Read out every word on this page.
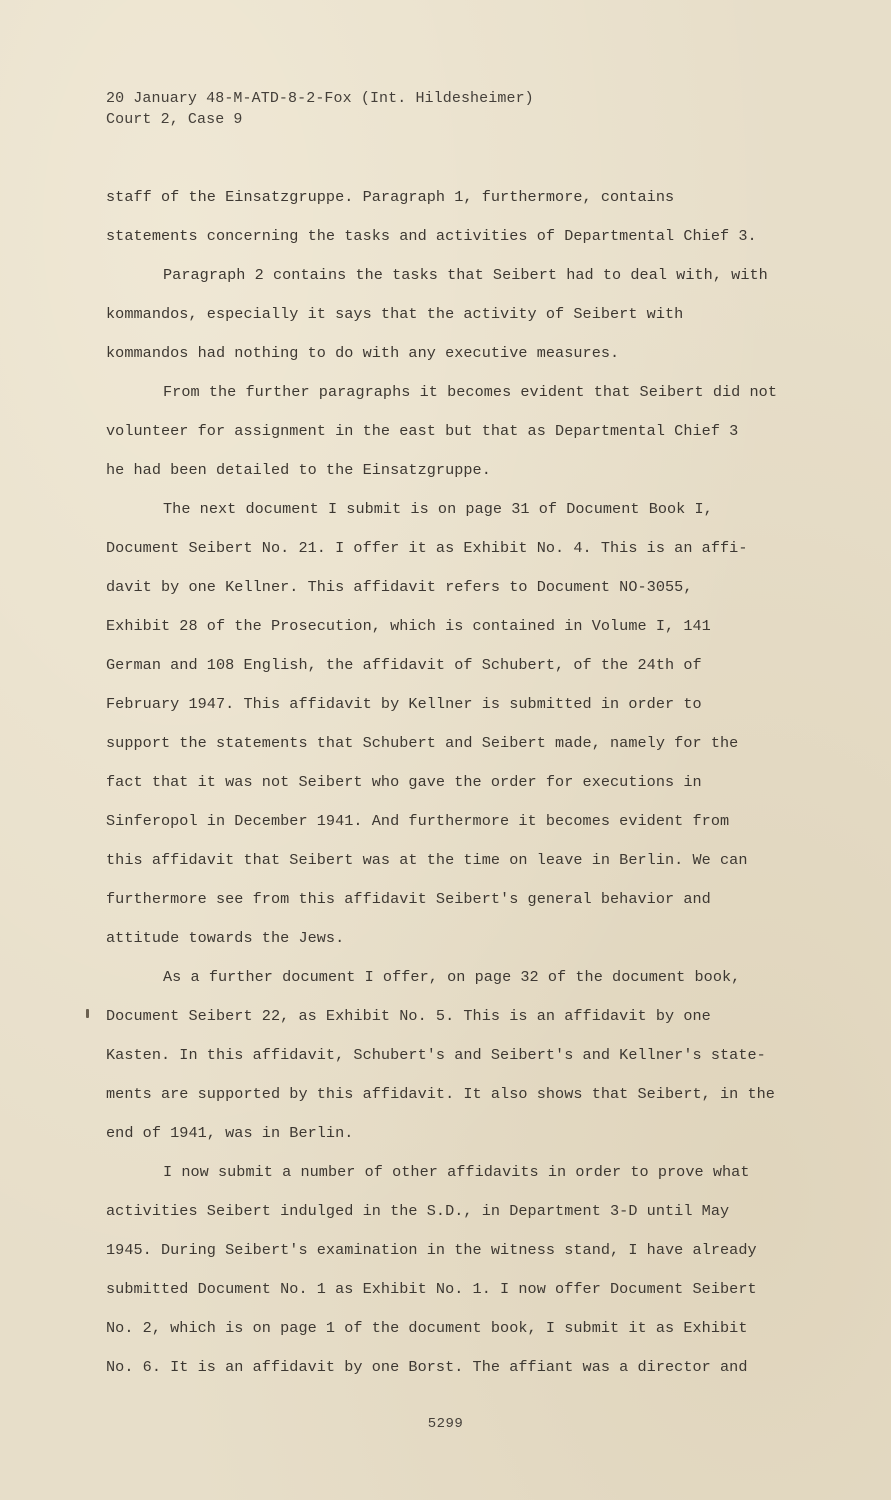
20 January 48-M-ATD-8-2-Fox (Int. Hildesheimer)
Court 2, Case 9
staff of the Einsatzgruppe. Paragraph 1, furthermore, contains
statements concerning the tasks and activities of Departmental Chief 3.
Paragraph 2 contains the tasks that Seibert had to deal with, with
kommandos, especially it says that the activity of Seibert with
kommandos had nothing to do with any executive measures.
From the further paragraphs it becomes evident that Seibert did not
volunteer for assignment in the east but that as Departmental Chief 3
he had been detailed to the Einsatzgruppe.
The next document I submit is on page 31 of Document Book I,
Document Seibert No. 21. I offer it as Exhibit No. 4. This is an affi-
davit by one Kellner. This affidavit refers to Document NO-3055,
Exhibit 28 of the Prosecution, which is contained in Volume I, 141
German and 108 English, the affidavit of Schubert, of the 24th of
February 1947. This affidavit by Kellner is submitted in order to
support the statements that Schubert and Seibert made, namely for the
fact that it was not Seibert who gave the order for executions in
Sinferopol in December 1941. And furthermore it becomes evident from
this affidavit that Seibert was at the time on leave in Berlin. We can
furthermore see from this affidavit Seibert's general behavior and
attitude towards the Jews.
As a further document I offer, on page 32 of the document book,
Document Seibert 22, as Exhibit No. 5. This is an affidavit by one
Kasten. In this affidavit, Schubert's and Seibert's and Kellner's state-
ments are supported by this affidavit. It also shows that Seibert, in the
end of 1941, was in Berlin.
I now submit a number of other affidavits in order to prove what
activities Seibert indulged in the S.D., in Department 3-D until May
1945. During Seibert's examination in the witness stand, I have already
submitted Document No. 1 as Exhibit No. 1. I now offer Document Seibert
No. 2, which is on page 1 of the document book, I submit it as Exhibit
No. 6. It is an affidavit by one Borst. The affiant was a director and
5299
